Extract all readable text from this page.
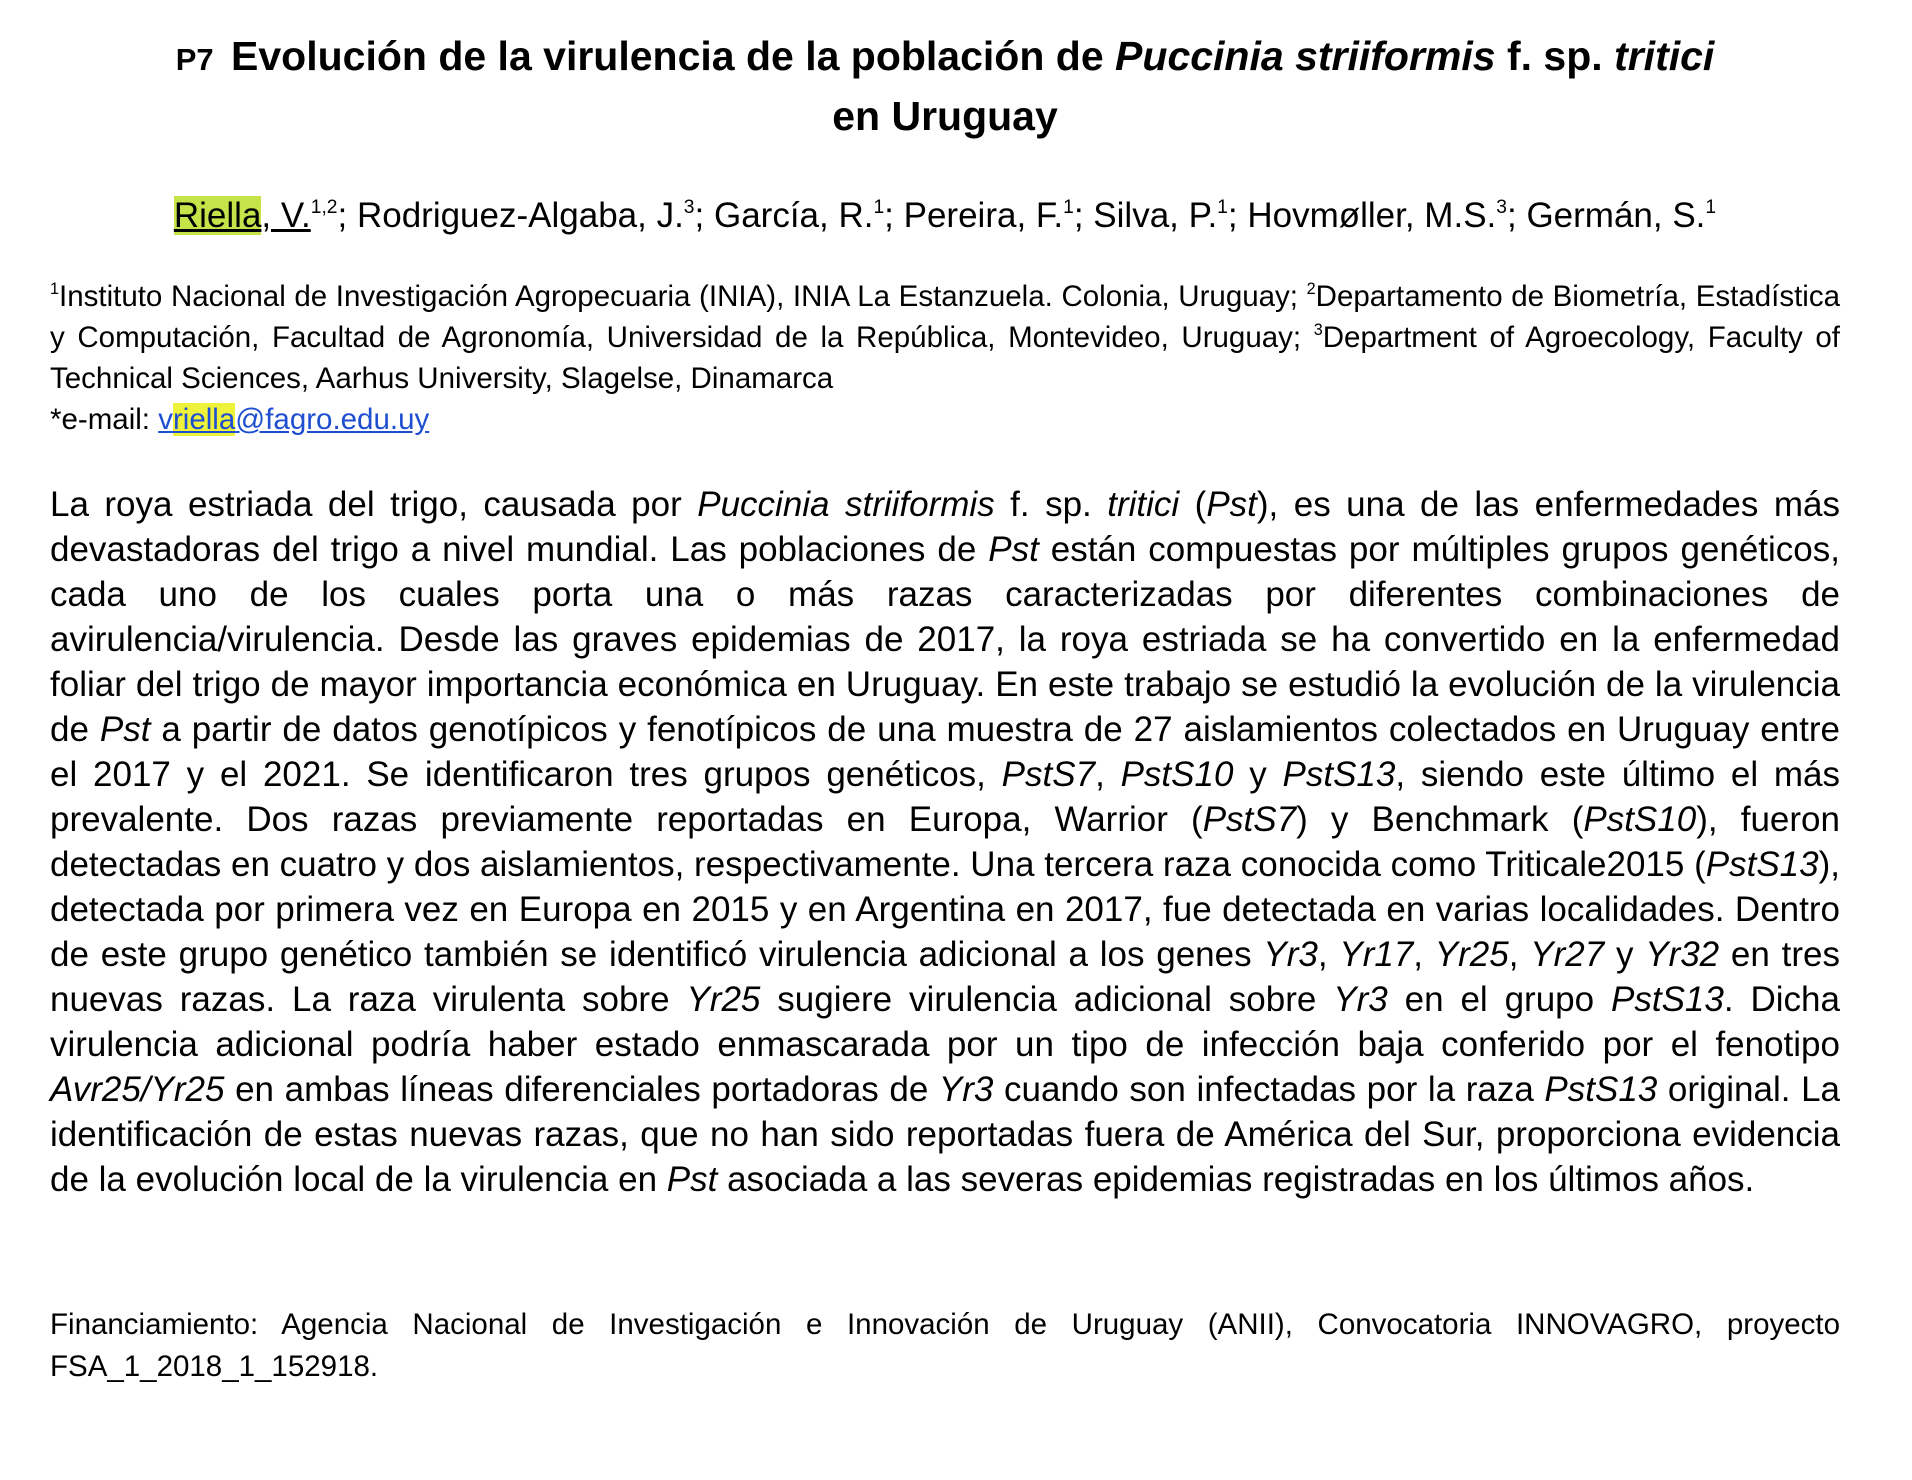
P7 Evolución de la virulencia de la población de Puccinia striiformis f. sp. tritici
en Uruguay
Riella, V.$^{1,2}$; Rodriguez-Algaba, J.$^3$; García, R.$^1$; Pereira, F.$^1$; Silva, P.$^1$; Hovmøller, M.S.$^3$; Germán, S.$^1$
$^1$Instituto Nacional de Investigación Agropecuaria (INIA), INIA La Estanzuela. Colonia, Uruguay; $^2$Departamento de Biometría, Estadística y Computación, Facultad de Agronomía, Universidad de la República, Montevideo, Uruguay; $^3$Department of Agroecology, Faculty of Technical Sciences, Aarhus University, Slagelse, Dinamarca
*e-mail: vriella@fagro.edu.uy
La roya estriada del trigo, causada por Puccinia striiformis f. sp. tritici (Pst), es una de las enfermedades más devastadoras del trigo a nivel mundial. Las poblaciones de Pst están compuestas por múltiples grupos genéticos, cada uno de los cuales porta una o más razas caracterizadas por diferentes combinaciones de avirulencia/virulencia. Desde las graves epidemias de 2017, la roya estriada se ha convertido en la enfermedad foliar del trigo de mayor importancia económica en Uruguay. En este trabajo se estudió la evolución de la virulencia de Pst a partir de datos genotípicos y fenotípicos de una muestra de 27 aislamientos colectados en Uruguay entre el 2017 y el 2021. Se identificaron tres grupos genéticos, PstS7, PstS10 y PstS13, siendo este último el más prevalente. Dos razas previamente reportadas en Europa, Warrior (PstS7) y Benchmark (PstS10), fueron detectadas en cuatro y dos aislamientos, respectivamente. Una tercera raza conocida como Triticale2015 (PstS13), detectada por primera vez en Europa en 2015 y en Argentina en 2017, fue detectada en varias localidades. Dentro de este grupo genético también se identificó virulencia adicional a los genes Yr3, Yr17, Yr25, Yr27 y Yr32 en tres nuevas razas. La raza virulenta sobre Yr25 sugiere virulencia adicional sobre Yr3 en el grupo PstS13. Dicha virulencia adicional podría haber estado enmascarada por un tipo de infección baja conferido por el fenotipo Avr25/Yr25 en ambas líneas diferenciales portadoras de Yr3 cuando son infectadas por la raza PstS13 original. La identificación de estas nuevas razas, que no han sido reportadas fuera de América del Sur, proporciona evidencia de la evolución local de la virulencia en Pst asociada a las severas epidemias registradas en los últimos años.
Financiamiento: Agencia Nacional de Investigación e Innovación de Uruguay (ANII), Convocatoria INNOVAGRO, proyecto FSA_1_2018_1_152918.
